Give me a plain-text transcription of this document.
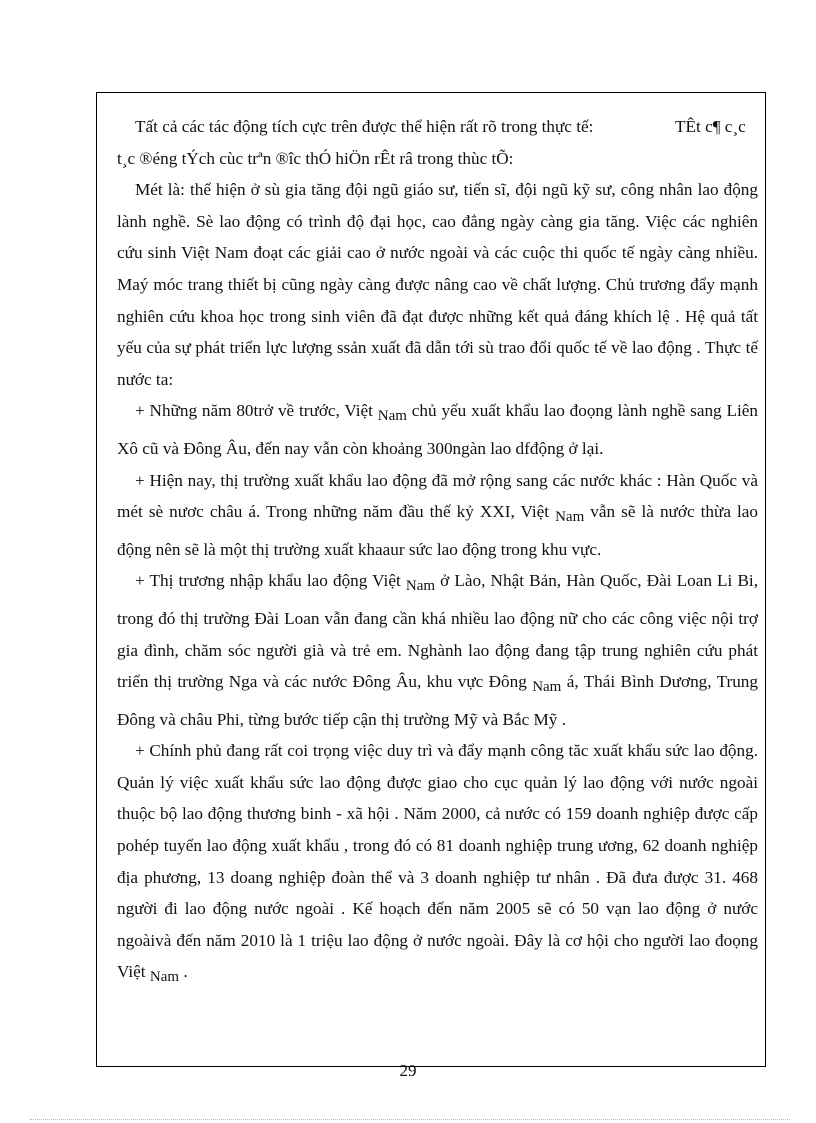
Tất cả các tác động tích cực trên được thể hiện rất rõ trong thực tế:	TÊt c¶ c¸c

t¸c ®éng tÝch cùc trªn ®îc thÓ hiÖn rÊt râ trong thùc tÕ:

Mét là: thể hiện ở sù gia tăng đội ngũ giáo sư, tiến sĩ, đội ngũ kỹ sư, công nhân lao động lành nghề. Sè lao động có trình độ đại học, cao đẳng ngày càng gia tăng. Việc các nghiên cứu sinh Việt Nam đoạt các giải cao ở nước ngoài và các cuộc thi quốc tế ngày càng nhiều. Maý móc trang thiết bị cũng ngày càng được nâng cao về chất lượng. Chủ trương đẩy mạnh nghiên cứu khoa học trong sinh viên đã đạt được những kết quả đáng khích lệ . Hệ quả tất yếu của sự phát triển lực lượng ssản xuất đã dẫn tới sù trao đổi quốc tế về lao động . Thực tế nước ta:

+ Những năm 80trở về trước, Việt Nam chủ yếu xuất khẩu lao đoọng lành nghề sang Liên Xô cũ và Đông Âu, đến nay vẫn còn khoảng 300ngàn lao dfđộng ở lại.

+ Hiện nay, thị trường xuất khẩu lao động đã mở rộng sang các nước khác : Hàn Quốc và mét sè nươc châu á. Trong những năm đầu thế kỷ XXI, Việt Nam vẫn sẽ là nước thừa lao động nên sẽ là một thị trường xuất khaaur sức lao động trong khu vực.

+ Thị trương nhập khẩu lao động Việt Nam ở Lào, Nhật Bản, Hàn Quốc, Đài Loan Li Bi, trong đó thị trường Đài Loan vẫn đang cần khá nhiều lao động nữ cho các công việc nội trợ gia đình, chăm sóc người già và trẻ em. Nghành lao động đang tập trung nghiên cứu phát triển thị trường Nga và các nước Đông Âu, khu vực Đông Nam á, Thái Bình Dương, Trung Đông và châu Phi, từng bước tiếp cận thị trường Mỹ và Bắc Mỹ .

+ Chính phủ đang rất coi trọng việc duy trì và đẩy mạnh công tăc xuất khẩu sức lao động. Quản lý việc xuất khẩu sức lao động được giao cho cục quản lý lao động với nước ngoài thuộc bộ lao động thương binh - xã hội . Năm 2000, cả nước có 159 doanh nghiệp được cấp pohép tuyển lao động xuất khẩu , trong đó có 81 doanh nghiệp trung ương, 62 doanh nghiệp địa phương, 13 doang nghiệp đoàn thể và 3 doanh nghiệp tư nhân . Đã đưa được 31. 468 người đi lao động nước ngoài . Kế hoạch đến năm 2005 sẽ có 50 vạn lao động ở nước ngoàivà đến năm 2010 là 1 triệu lao động ở nước ngoài. Đây là cơ hội cho người lao đoọng Việt Nam .

29
